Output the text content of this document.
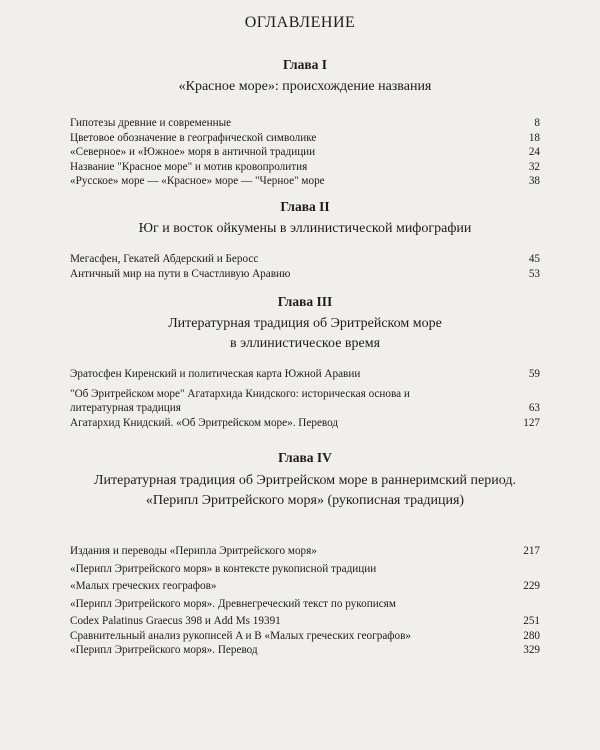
ОГЛАВЛЕНИЕ
Глава I
«Красное море»: происхождение названия
Гипотезы древние и современные	8
Цветовое обозначение в географической символике	18
«Северное» и «Южное» моря в античной традиции	24
Название "Красное море" и мотив кровопролития	32
«Русское» море — «Красное» море — "Черное" море	38
Глава II
Юг и восток ойкумены в эллинистической мифографии
Мегасфен, Гекатей Абдерский и Беросс	45
Античный мир на пути в Счастливую Аравию	53
Глава III
Литературная традиция об Эритрейском море
в эллинистическое время
Эратосфен Киренский и политическая карта Южной Аравии	59
"Об Эритрейском море" Агатархида Книдского: историческая основа и
литературная традиция	63
Агатархид Книдский. «Об Эритрейском море». Перевод	127
Глава IV
Литературная традиция об Эритрейском море в раннеримский период.
«Перипл Эритрейского моря» (рукописная традиция)
Издания и переводы «Перипла Эритрейского моря»	217
«Перипл Эритрейского моря» в контексте рукописной традиции
«Малых греческих географов»	229
«Перипл Эритрейского моря». Древнегреческий текст по рукописям
Codex Palatinus Graecus 398 и Add Ms 19391	251
Сравнительный анализ рукописей A и B «Малых греческих географов»	280
«Перипл Эритрейского моря». Перевод	329
